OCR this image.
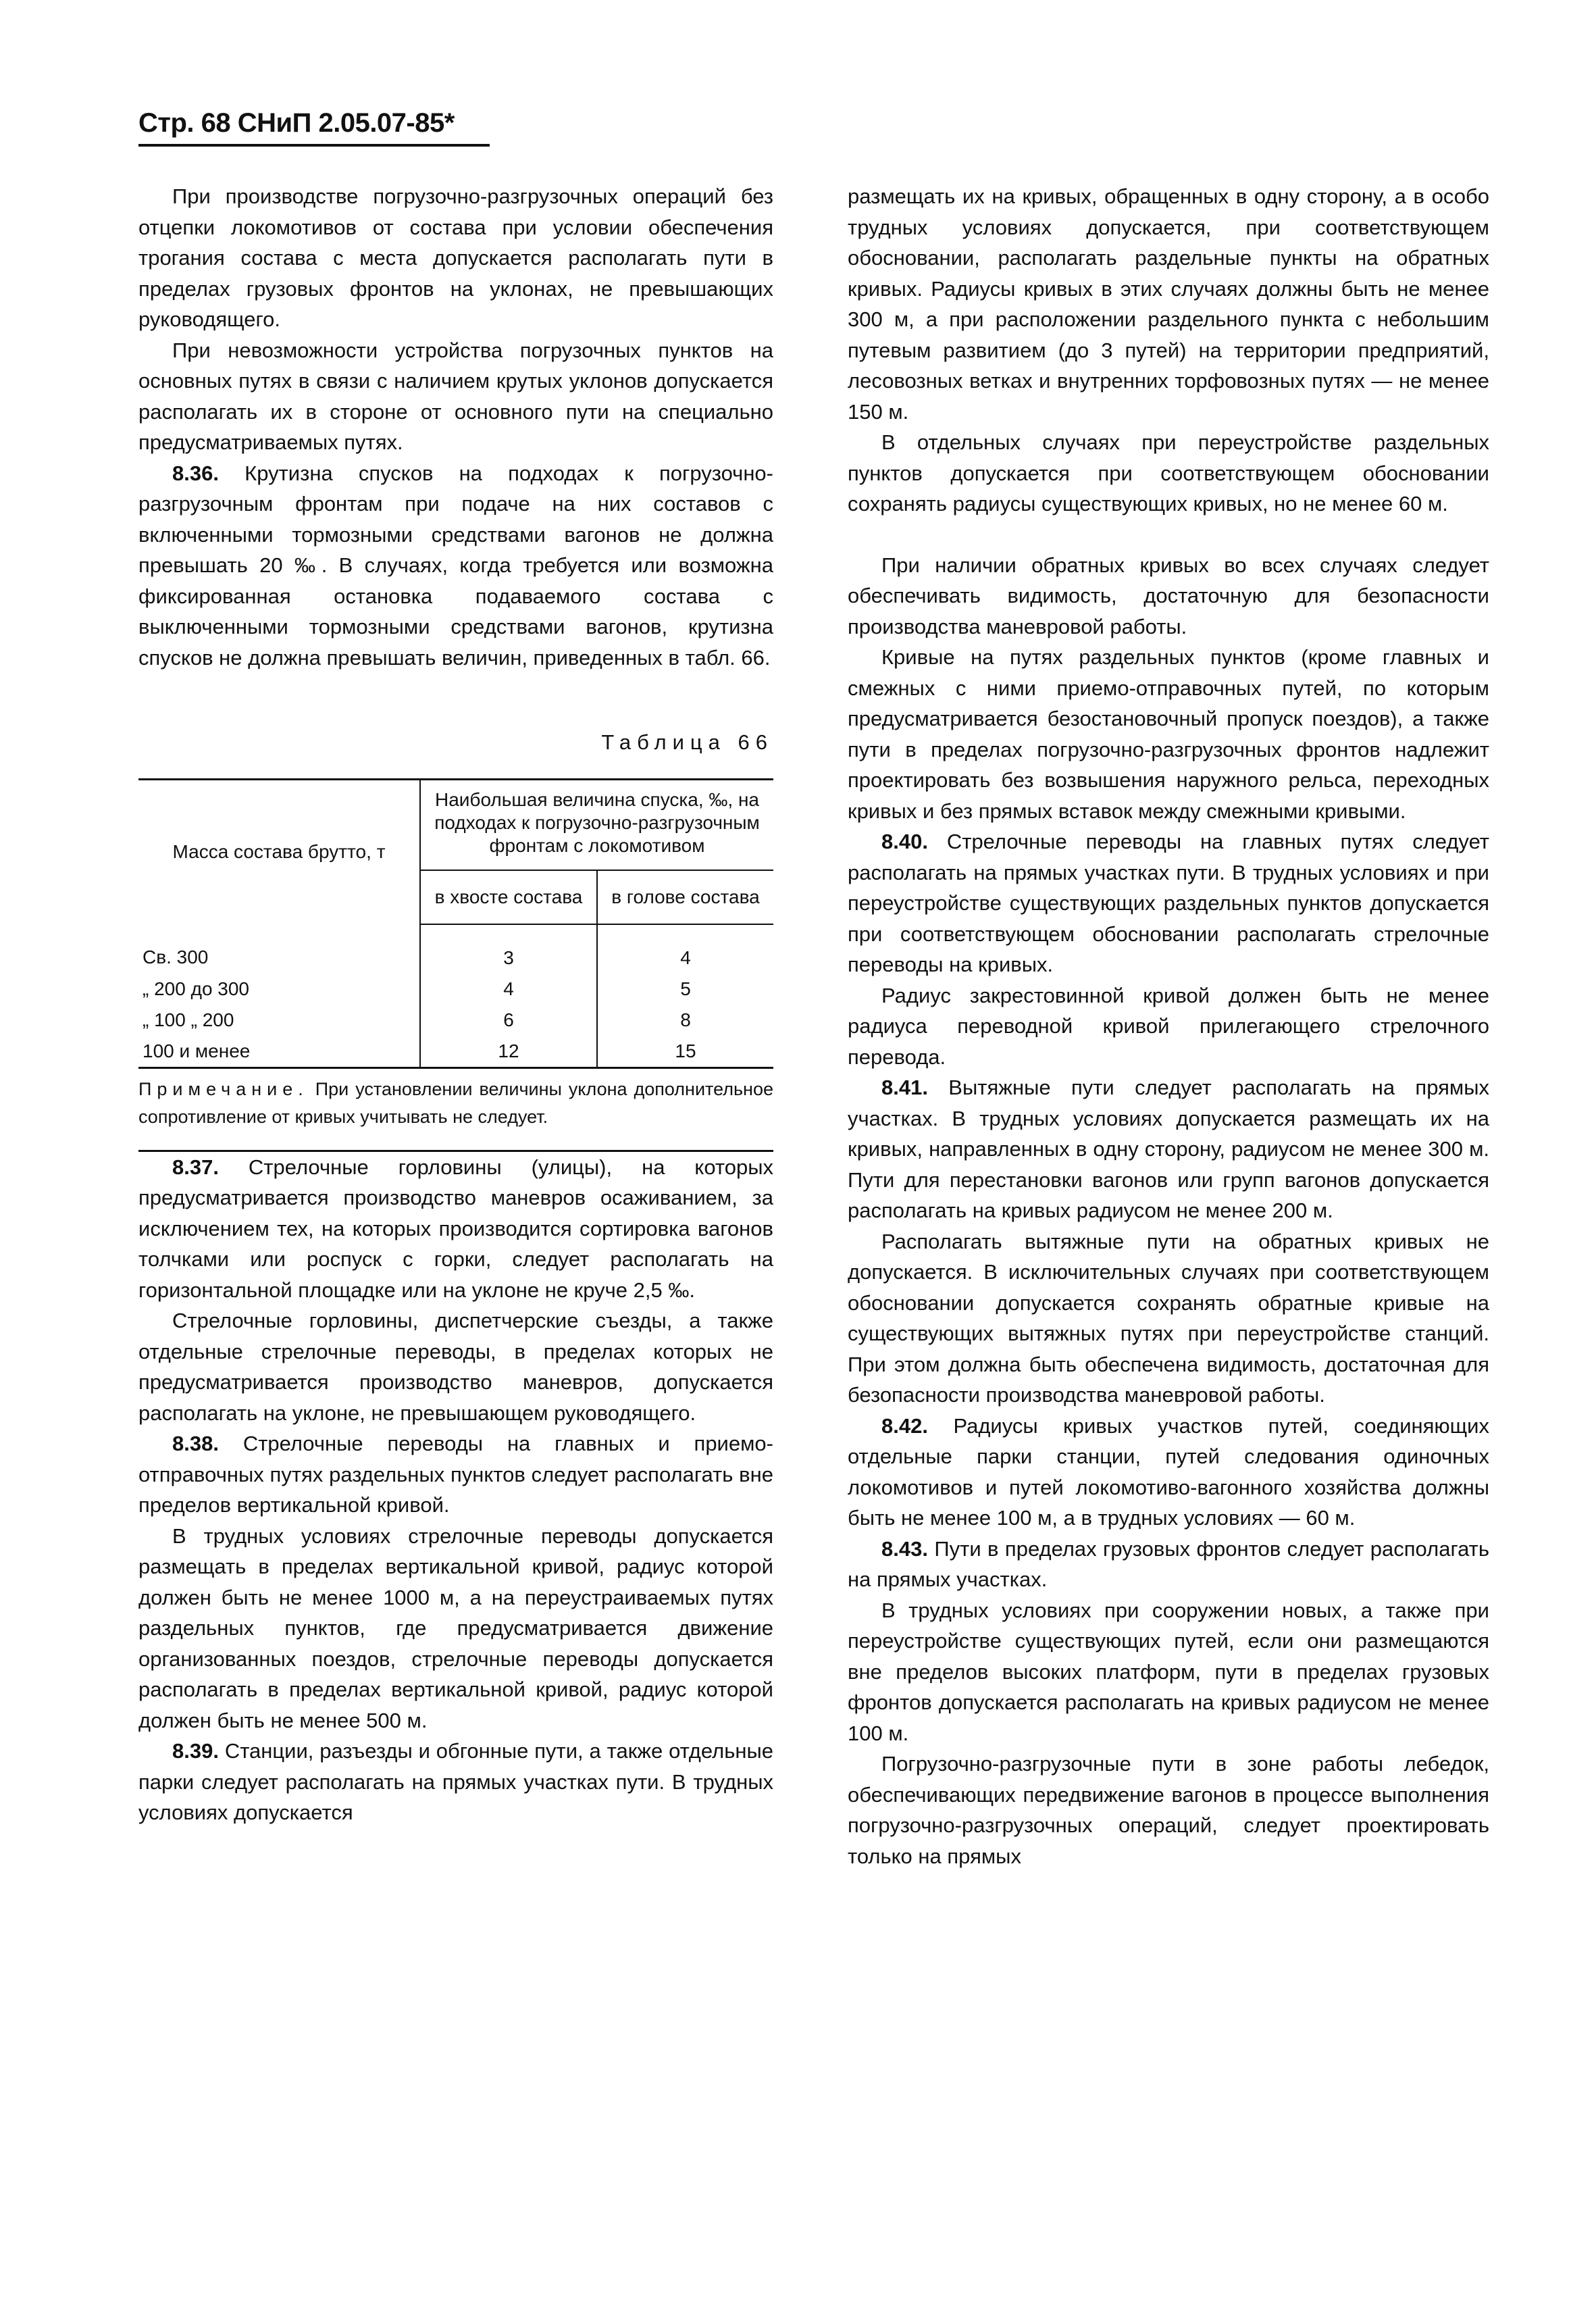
Стр. 68 СНиП 2.05.07-85*

При производстве погрузочно-разгрузочных операций без отцепки локомотивов от состава при условии обеспечения трогания состава с места допускается располагать пути в пределах грузовых фронтов на уклонах, не превышающих руководящего.

При невозможности устройства погрузочных пунктов на основных путях в связи с наличием крутых уклонов допускается располагать их в стороне от основного пути на специально предусматриваемых путях.

8.36. Крутизна спусков на подходах к погрузочно-разгрузочным фронтам при подаче на них составов с включенными тормозными средствами вагонов не должна превышать 20 ‰. В случаях, когда требуется или возможна фиксированная остановка подаваемого состава с выключенными тормозными средствами вагонов, крутизна спусков не должна превышать величин, приведенных в табл. 66.

Таблица 66
Масса состава брутто, т	Наибольшая величина спуска, ‰, на подходах к погрузочно-разгрузочным фронтам с локомотивом	
	в хвосте состава	в голове состава
Св. 300	3	4
„ 200 до 300	4	5
„ 100 „ 200	6	8
100 и менее	12	15
Примечание. При установлении величины уклона дополнительное сопротивление от кривых учитывать не следует.

8.37. Стрелочные горловины (улицы), на которых предусматривается производство маневров осаживанием, за исключением тех, на которых производится сортировка вагонов толчками или роспуск с горки, следует располагать на горизонтальной площадке или на уклоне не круче 2,5 ‰.

Стрелочные горловины, диспетчерские съезды, а также отдельные стрелочные переводы, в пределах которых не предусматривается производство маневров, допускается располагать на уклоне, не превышающем руководящего.

8.38. Стрелочные переводы на главных и приемо-отправочных путях раздельных пунктов следует располагать вне пределов вертикальной кривой.

В трудных условиях стрелочные переводы допускается размещать в пределах вертикальной кривой, радиус которой должен быть не менее 1000 м, а на переустраиваемых путях раздельных пунктов, где предусматривается движение организованных поездов, стрелочные переводы допускается располагать в пределах вертикальной кривой, радиус которой должен быть не менее 500 м.

8.39. Станции, разъезды и обгонные пути, а также отдельные парки следует располагать на прямых участках пути. В трудных условиях допускается

размещать их на кривых, обращенных в одну сторону, а в особо трудных условиях допускается, при соответствующем обосновании, располагать раздельные пункты на обратных кривых. Радиусы кривых в этих случаях должны быть не менее 300 м, а при расположении раздельного пункта с небольшим путевым развитием (до 3 путей) на территории предприятий, лесовозных ветках и внутренних торфовозных путях — не менее 150 м.

В отдельных случаях при переустройстве раздельных пунктов допускается при соответствующем обосновании сохранять радиусы существующих кривых, но не менее 60 м.

При наличии обратных кривых во всех случаях следует обеспечивать видимость, достаточную для безопасности производства маневровой работы.

Кривые на путях раздельных пунктов (кроме главных и смежных с ними приемо-отправочных путей, по которым предусматривается безостановочный пропуск поездов), а также пути в пределах погрузочно-разгрузочных фронтов надлежит проектировать без возвышения наружного рельса, переходных кривых и без прямых вставок между смежными кривыми.

8.40. Стрелочные переводы на главных путях следует располагать на прямых участках пути. В трудных условиях и при переустройстве существующих раздельных пунктов допускается при соответствующем обосновании располагать стрелочные переводы на кривых.

Радиус закрестовинной кривой должен быть не менее радиуса переводной кривой прилегающего стрелочного перевода.

8.41. Вытяжные пути следует располагать на прямых участках. В трудных условиях допускается размещать их на кривых, направленных в одну сторону, радиусом не менее 300 м. Пути для перестановки вагонов или групп вагонов допускается располагать на кривых радиусом не менее 200 м.

Располагать вытяжные пути на обратных кривых не допускается. В исключительных случаях при соответствующем обосновании допускается сохранять обратные кривые на существующих вытяжных путях при переустройстве станций. При этом должна быть обеспечена видимость, достаточная для безопасности производства маневровой работы.

8.42. Радиусы кривых участков путей, соединяющих отдельные парки станции, путей следования одиночных локомотивов и путей локомотиво-вагонного хозяйства должны быть не менее 100 м, а в трудных условиях — 60 м.

8.43. Пути в пределах грузовых фронтов следует располагать на прямых участках.

В трудных условиях при сооружении новых, а также при переустройстве существующих путей, если они размещаются вне пределов высоких платформ, пути в пределах грузовых фронтов допускается располагать на кривых радиусом не менее 100 м.

Погрузочно-разгрузочные пути в зоне работы лебедок, обеспечивающих передвижение вагонов в процессе выполнения погрузочно-разгрузочных операций, следует проектировать только на прямых
